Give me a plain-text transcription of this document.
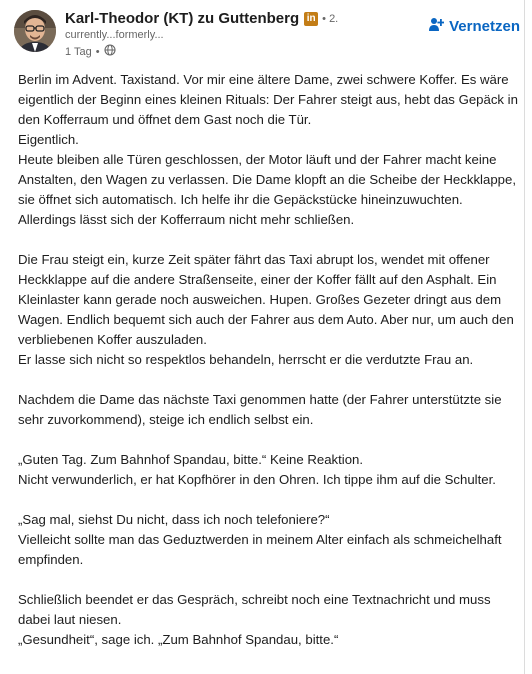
Karl-Theodor (KT) zu Guttenberg in • 2.
currently...formerly...
1 Tag •
Vernetzen

Berlin im Advent. Taxistand. Vor mir eine ältere Dame, zwei schwere Koffer. Es wäre eigentlich der Beginn eines kleinen Rituals: Der Fahrer steigt aus, hebt das Gepäck in den Kofferraum und öffnet dem Gast noch die Tür.

Eigentlich.

Heute bleiben alle Türen geschlossen, der Motor läuft und der Fahrer macht keine Anstalten, den Wagen zu verlassen. Die Dame klopft an die Scheibe der Heckklappe, sie öffnet sich automatisch. Ich helfe ihr die Gepäckstücke hineinzuwuchten. Allerdings lässt sich der Kofferraum nicht mehr schließen.

Die Frau steigt ein, kurze Zeit später fährt das Taxi abrupt los, wendet mit offener Heckklappe auf die andere Straßenseite, einer der Koffer fällt auf den Asphalt. Ein Kleinlaster kann gerade noch ausweichen. Hupen. Großes Gezeter dringt aus dem Wagen. Endlich bequemt sich auch der Fahrer aus dem Auto. Aber nur, um auch den verbliebenen Koffer auszuladen.

Er lasse sich nicht so respektlos behandeln, herrscht er die verdutzte Frau an.

Nachdem die Dame das nächste Taxi genommen hatte (der Fahrer unterstützte sie sehr zuvorkommend), steige ich endlich selbst ein.

„Guten Tag. Zum Bahnhof Spandau, bitte.“ Keine Reaktion.

Nicht verwunderlich, er hat Kopfhörer in den Ohren. Ich tippe ihm auf die Schulter.

„Sag mal, siehst Du nicht, dass ich noch telefoniere?“

Vielleicht sollte man das Geduztwerden in meinem Alter einfach als schmeichelhaft empfinden.

Schließlich beendet er das Gespräch, schreibt noch eine Textnachricht und muss dabei laut niesen.

„Gesundheit“, sage ich. „Zum Bahnhof Spandau, bitte.“
